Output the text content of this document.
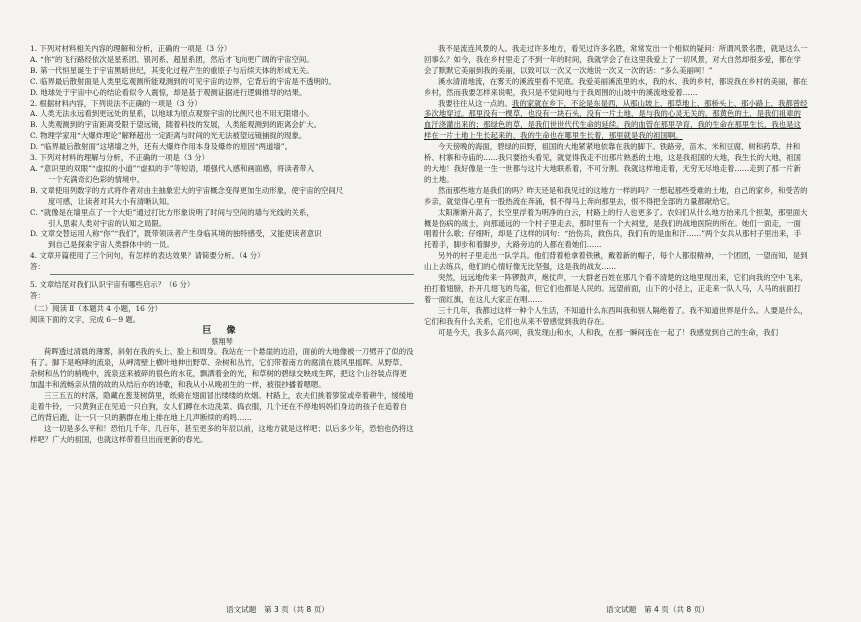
1. 下列对材料相关内容的理解和分析，正确的一项是（3 分）

A. “你”的飞行路经依次是星系团、银河系、超星系团，然后才飞向更广阔的宇宙空间。

B. 第一代恒星诞生于宇宙黑暗世纪，其变化过程产生的重原子与后续天体的形成无关。

C. 临界最后散射面是人类里迄观测所能观测到的可见宇宙的边界，它背后的宇宙是不透明的。

D. 地球处于宇宙中心的结论看似令人震惊，却是基于观测证据进行逻辑推导的结果。

2. 根据材料内容，下列说法不正确的一项是（3 分）

A. 人类无法永远看到更远处的星系，以地球为原点观察宇宙的比例尺也不用无限增小。

B. 人类观测到的宇宙距离受限于望远镜，随着科技的发展，人类能观测到的距离会扩大。

C. 物理学家用“大爆炸理论”解释超出一定距离与时间的光无法被望远镜捕捉的现象。

D. “临界最后散射面”这堵墙之外，还有大爆炸作用本身及爆炸的原因“两道墙”。

3. 下列对材料的理解与分析，不正确的一项是（3 分）

A. “意识里的双眼”“虚拟的小道”“虚拟的手”等短语，增强代入感和画面感，将读者带入

一个充满奇幻色彩的情境中。

B. 文章使用列数字的方式将作者对由主抽象宏大的宇宙概念变得更加生动形象，使宇宙的空间尺

度可感，让读者对其大小有清晰认知。

C. “就像是在墙里点了一个大炬”通过打比方形象说明了时间与空间的墙与光线的关系，

引人思索人类对宇宙的认知之局限。

D. 文章交替运用人称“你”“我们”，既带领读者产生身临其境的独特感受，又能使读者意识

到自己是探索宇宙人类群体中的一员。

4. 文章开篇使用了三个问句，有怎样的表达效果？请简要分析。（4 分）

答：

5. 文章结尾对我们认识宇宙有哪些启示？（6 分）

答：

（二）阅读 Ⅱ（本题共 4 小题，16 分）

阅读下面的文字，完成 6－9 题。

巨 像

蔡翔琴

荷晖透过清晨的薄雾，斜射在我的头上、脸上和周身。我站在一个悬崖的边沿，面前的大地像被一刀劈开了似的没有了。脚下是咆哮的流泉，从岬湾壁上横叶地伸出野草、杂树和丛竹，它们带着南方的腐渍在晨风里摇晖。从野草、杂树和丛竹的梢晚中，流泉送来被碎的很色的水花，飘洒着金的光，和草树的碧绿交映成生晖，把这个山谷装点得更加温丰和流畅亲从情的故的从结后亦的诗歌，和我从小从晚初生的一样，被很抄播着嗯嗯。

三三五五的村落，隐藏在葱茏树荫里，纸骑在翅面冒出缕缕的炊烟。村路上，农夫们挑着箩筐或牵着耕牛，缓缓地走着牛铃，一只黄狗正在见追一只白狗，女人们蹲在水边洗菜、捣衣服，几个还在不停地妈妈们身边的孩子在追着自己的背后跑，让一只一只的鹅群在地上排在地上几声断续的鸡鸣……

这一切是多么平和！恐怕几千年、几百年，甚至更多的年辰以前，这地方就是这样吧；以后多少年，恐怕也仍将这样吧？广大的祖国，也就这样带着旦出而更新的春光。

我不是流连风景的人。我走过许多地方，看见过许多名胜，常常发出一个相似的疑问：所谓风景名胜，就是这么一回事么？如今，我在乡村里走了不到一年的时间，我就学会了在这里我爱上了一切风景，对大自然却很多爱，都在学会了默默它美丽到我的美丽，以致可以一次又一次地说一次又一次的话：“多么美丽呵！”

溪水清清地流，在雾天的溪流里看不见底。我爱美丽溪流里的水，我的水、我的乡村，都说我在乡村的美丽，都在乡村，然而我要怎样来说呢，我只是不觉间地与于我周围的山坡中的溪流地爱着……

我要往往从这一点的。我的家就在乡下，不论是东是西，从那山坡上、那草地上、那桥头上、那小路上，我都曾经多次地穿过。那里没有一棵草，也没有一块石头，没有一片土地，是与我的心灵无关的。那黄色的土，是我们祖辈的血汗浇灌出来的；那绿色的草，是我们世世代代生命的延续。我的血管在那里孕育，我的生命在那里生长，我也是这样在一片土地上生长起来的，我的生命也在哪里生长着，那里就是我的祖国啊。

今天傍晚的海面，碧绿的田野，祖国的大地紧紧地依靠在我的脚下。铁路旁，苗木、米和豆腐、树和药草、井和桥、村寨和寺庙的……我只要抬头看见，就觉得我走不出那片熟悉的土地，这是我祖国的大地，我生长的大地，祖国的大地！我好像是一生一世都与这片大地联系着，不可分割。我就这样地走着，无穷无尽地走着……走到了那一片新的土地。

然而那些地方是我们的吗？昨天还是和我见过的这地方一样的吗？一想起那些受难的土地，自己的家乡，和受苦的乡亲，就觉得心里有一股热流在奔涌，恨不得马上奔向那里去，恨不得把全部的力量都献给它。

太阳渐渐升高了，长空里浮着为明净的白云，村路上的行人也更多了。农妇们从什么地方抬来几个担架，那里面大概是伤病的战士，向那遥远的一个村子里走去，那时里有一个大祠堂，是我们的战地医院的所在。她们一面走，一面唱着什么歌；仔细听，却是了这样的词句：“抬伤兵，救伤兵，我们有的是血和汗……”两个女兵从那村子里出来，手托着手，脚步和着脚步，大路旁边的人都在看她们……

另外的村子里走出一队学兵。他们背着枪拿着铁锹，戴着新的帽子，每个人都很精神，一个团团，一望而知，是到山上去练兵，他们的心情好像无比坚强，这是我的战友……

突然，远远地传来一阵锣鼓声，炮仗声，一大群老百姓在那几个看不清楚的这地里现出来，它们向我的空中飞来，拍打着翅膀，扑开几翅飞的鸟雀，但它们也都是人民的。远望前面，山下的小径上，正走来一队人马，人马的前面打着一面红旗，在这儿大家正在唱……

三十几年，我都过这样一种个人生活，不知道什么东西叫我和别人隔绝着了。我不知道世界是什么。人要是什么，它们和我有什么关系，它们也从来不曾感觉到我的存在。

可是今天，我多么高兴呵，我发现山和水，人和我，在那一瞬间连在一起了！我感觉到自己的生命，我们

语文试题　第 3 页（共 8 页）	语文试题　第 4 页（共 8 页）
